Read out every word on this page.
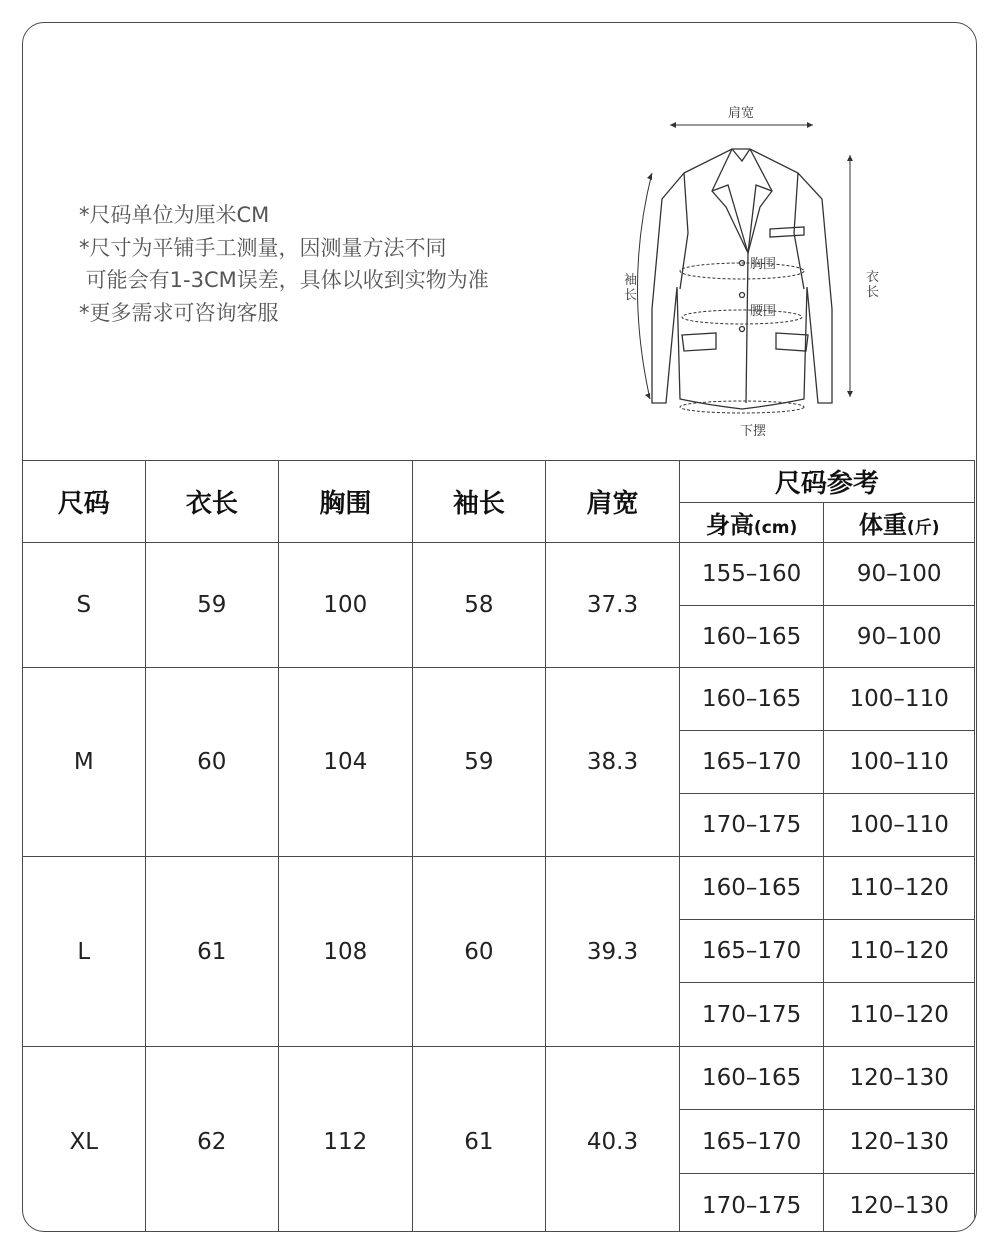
*尺码单位为厘米CM
*尺寸为平铺手工测量，因测量方法不同
可能会有1-3CM误差，具体以收到实物为准
*更多需求可咨询客服
肩宽
衣
长
袖
长
胸围
腰围
下摆
尺码	衣长	胸围	袖长	肩宽	尺码参考	
					身高(cm)	体重(斤)
S	59	100	58	37.3	155–160	90–100
					160–165	90–100
M	60	104	59	38.3	160–165	100–110
					165–170	100–110
					170–175	100–110
L	61	108	60	39.3	160–165	110–120
					165–170	110–120
					170–175	110–120
XL	62	112	61	40.3	160–165	120–130
					165–170	120–130
					170–175	120–130
